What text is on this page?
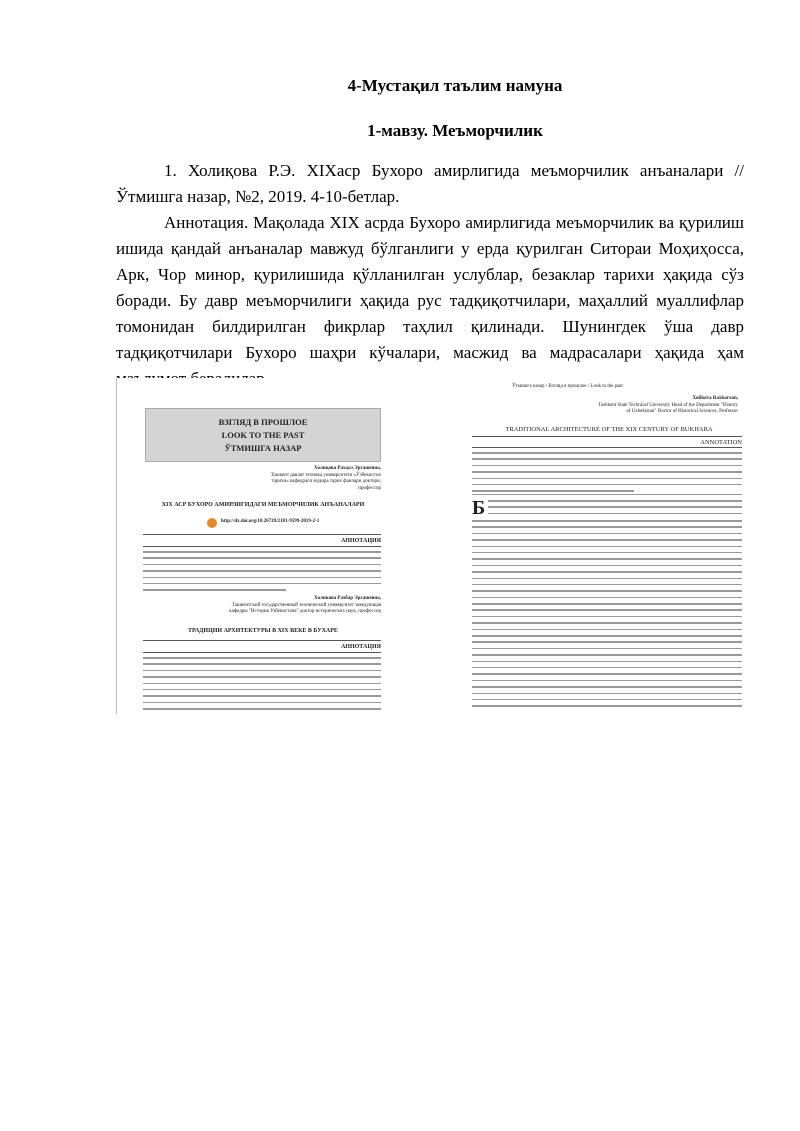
4-Мустақил таълим намуна
1-мавзу. Меъморчилик

1. Холиқова Р.Э. XIXаср Бухоро амирлигида меъморчилик анъаналари // Ўтмишга назар, №2, 2019. 4-10-бетлар.

Аннотация. Мақолада XIX асрда Бухоро амирлигида меъморчилик ва қурилиш ишида қандай анъаналар мавжуд бўлганлиги у ерда қурилган Ситораи Моҳиҳосса, Арк, Чор минор, қурилишида қўлланилган услублар, безаклар тарихи ҳақида сўз боради. Бу давр меъморчилиги ҳақида рус тадқиқотчилари, маҳаллий муаллифлар томонидан билдирилган фикрлар таҳлил қилинади. Шунингдек ўша давр тадқиқотчилари Бухоро шаҳри кўчалари, масжид ва мадрасалари ҳақида ҳам

ВЗГЛЯД В ПРОШЛОЕ
LOOK TO THE PAST
ЎТМИШГА НАЗАР
Холиқова Раъҳоэ Эргашевна,
Тошкент давлат техника университети «Ўзбекистон тарихи» кафедраси мудира тарих фанлари доктори, профессор
XIX АСР БУХОРО АМИРЛИГИДАГИ МЕЪМОРЧИЛИК АНЪАНАЛАРИ
http://dx.doi.org/10.26739/2181-9599-2019-2-1
АННОТАЦИЯ
Холикова Рахбар Эргашевна,
Ташкентский государственный технический университет заведующая кафедры "История Узбекистана" доктор исторических наук, профессор
ТРАДИЦИИ АРХИТЕКТУРЫ В XIX ВЕКЕ В БУХАРЕ
АННОТАЦИЯ
Ўтмишга назар / Взгляд в прошлое / Look to the past
Xolikova Raxbarxon,
Tashkent State Technical University Head of the Department "History of Uzbekistan" Doctor of Historical Sciences, Professor
TRADITIONAL ARCHITECTURE OF THE XIX CENTURY OF BUKHARA
ANNOTATION
Б
